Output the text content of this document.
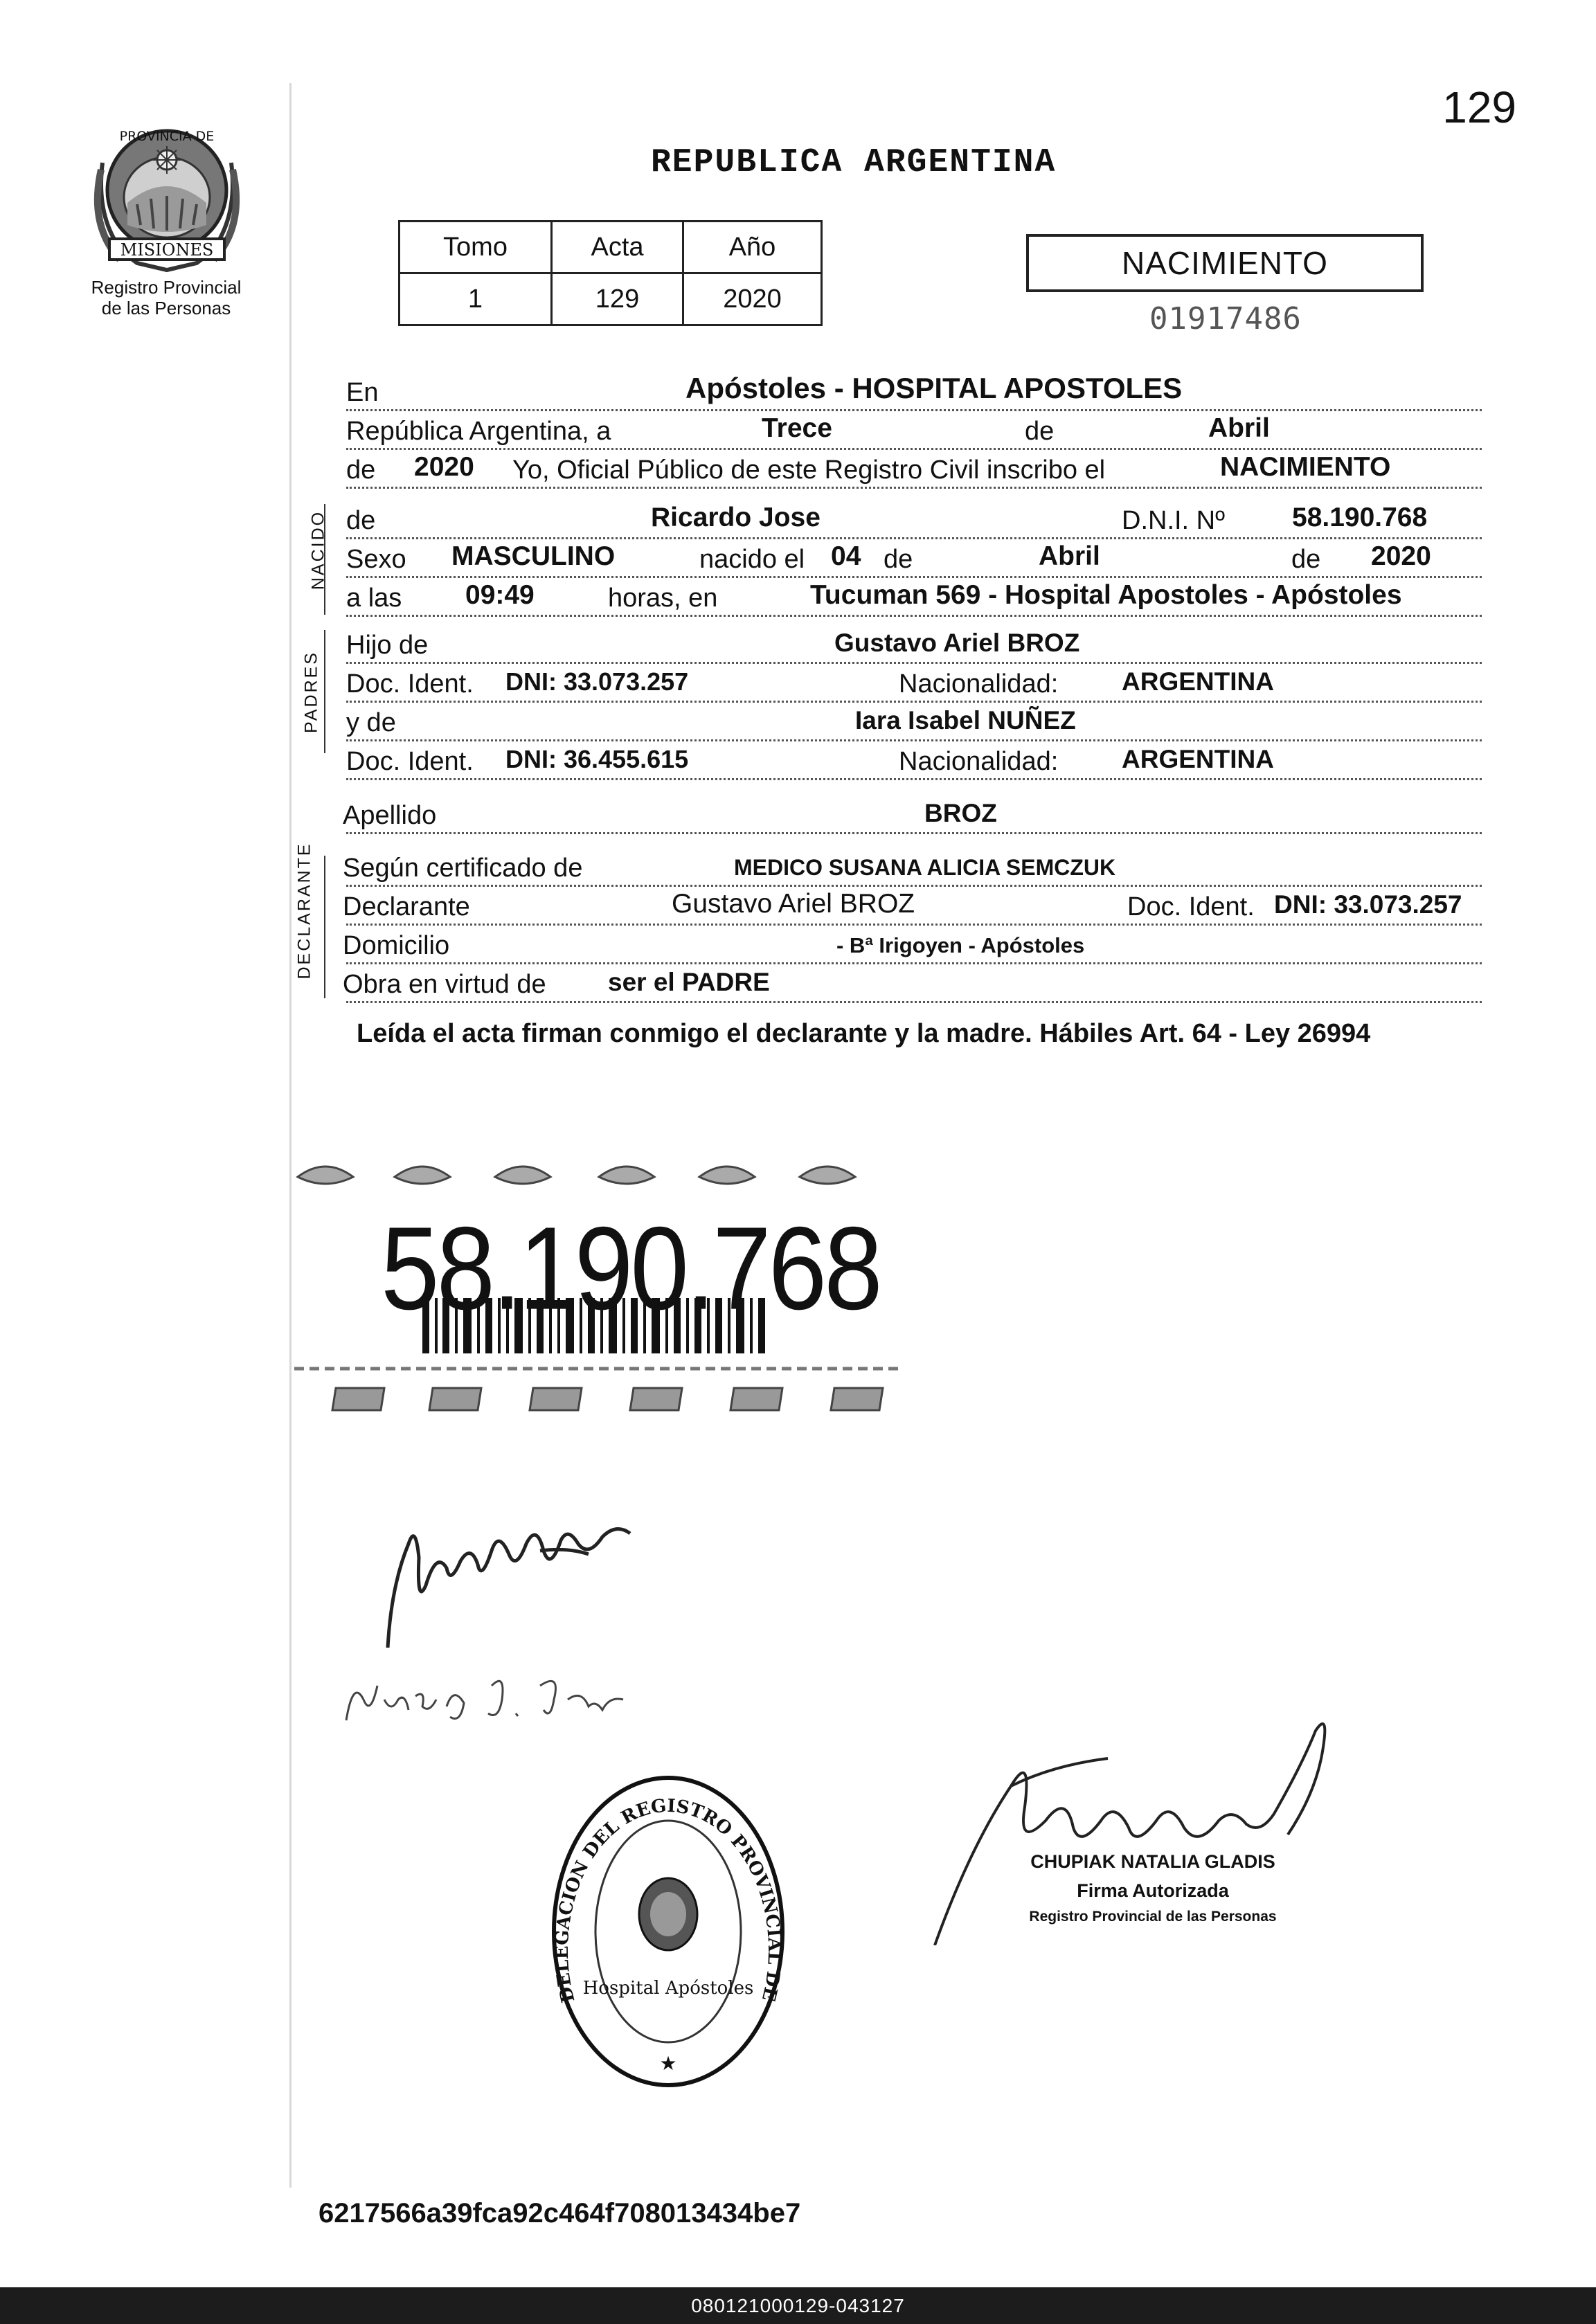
129
PROVINCIA DE
MISIONES
Registro Provincial
de las Personas
REPUBLICA ARGENTINA
Tomo	Acta	Año
1	129	2020
NACIMIENTO
01917486
En	Apóstoles - HOSPITAL APOSTOLES
República Argentina, a	Trece	de	Abril
de 2020 Yo, Oficial Público de este Registro Civil inscribo el	NACIMIENTO
de	Ricardo Jose	D.N.I. Nº 58.190.768
Sexo MASCULINO	nacido el 04 de	Abril	de 2020
a las 09:49	horas, en	Tucuman 569 - Hospital Apostoles - Apóstoles
NACIDO
Hijo de	Gustavo Ariel BROZ
Doc. Ident. DNI: 33.073.257	Nacionalidad: ARGENTINA
y de	Iara Isabel NUÑEZ
Doc. Ident. DNI: 36.455.615	Nacionalidad: ARGENTINA
PADRES
Apellido	BROZ
Según certificado de	MEDICO SUSANA ALICIA SEMCZUK
Declarante	Gustavo Ariel BROZ	Doc. Ident. DNI: 33.073.257
Domicilio	- Bª Irigoyen - Apóstoles
Obra en virtud de ser el PADRE
DECLARANTE
Leída el acta firman conmigo el declarante y la madre. Hábiles Art. 64 - Ley 26994
58.190.768
DELEGACION DEL REGISTRO PROVINCIAL DE
Hospital Apóstoles
★
CHUPIAK NATALIA GLADIS
Firma Autorizada
Registro Provincial de las Personas
6217566a39fca92c464f708013434be7
080121000129-043127
